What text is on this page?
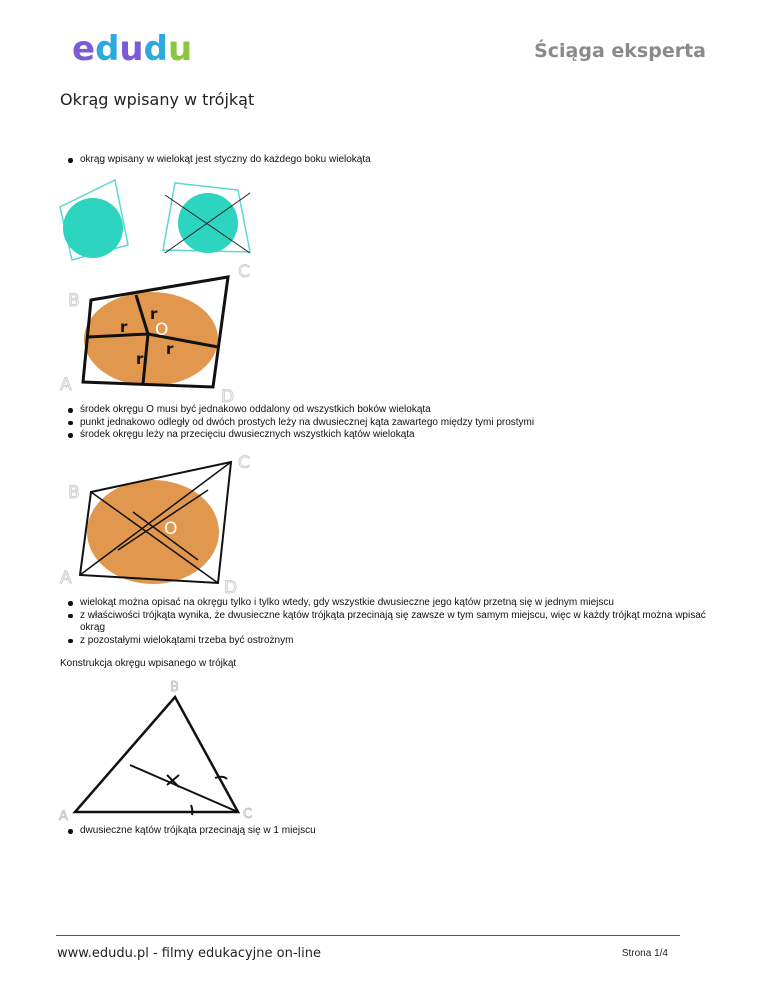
edudu	Ściąga eksperta
Okrąg wpisany w trójkąt
okrąg wpisany w wielokąt jest styczny do każdego boku wielokąta
r
r
r
r
O
B
C
A
D
środek okręgu O musi być jednakowo oddalony od wszystkich boków wielokąta
punkt jednakowo odległy od dwóch prostych leży na dwusiecznej kąta zawartego między tymi prostymi
środek okręgu leży na przecięciu dwusiecznych wszystkich kątów wielokąta
O
B
C
A	D
wielokąt można opisać na okręgu tylko i tylko wtedy, gdy wszystkie dwusieczne jego kątów przetną się w jednym miejscu
z właściwości trójkąta wynika, że dwusieczne kątów trójkąta przecinają się zawsze w tym samym miejscu, więc w każdy trójkąt można wpisać okrąg
z pozostałymi wielokątami trzeba być ostrożnym
Konstrukcja okręgu wpisanego w trójkąt
B
A	C
dwusieczne kątów trójkąta przecinają się w 1 miejscu
www.edudu.pl - filmy edukacyjne on-line	Strona 1/4
